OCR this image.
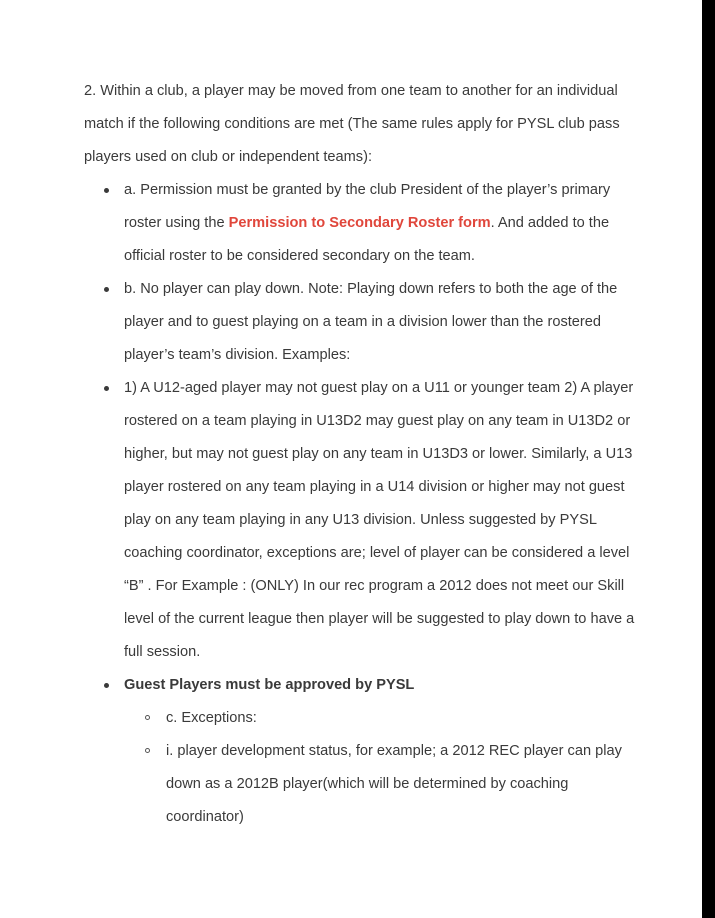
2. Within a club, a player may be moved from one team to another for an individual match if the following conditions are met (The same rules apply for PYSL club pass players used on club or independent teams):

a. Permission must be granted by the club President of the player’s primary roster using the Permission to Secondary Roster form. And added to the official roster to be considered secondary on the team.
b. No player can play down. Note: Playing down refers to both the age of the player and to guest playing on a team in a division lower than the rostered player’s team’s division. Examples:
1) A U12-aged player may not guest play on a U11 or younger team 2) A player rostered on a team playing in U13D2 may guest play on any team in U13D2 or higher, but may not guest play on any team in U13D3 or lower. Similarly, a U13 player rostered on any team playing in a U14 division or higher may not guest play on any team playing in any U13 division. Unless suggested by PYSL coaching coordinator, exceptions are; level of player can be considered a level “B” . For Example : (ONLY) In our rec program a 2012 does not meet our Skill level of the current league then player will be suggested to play down to have a full session.
Guest Players must be approved by PYSL
c. Exceptions:
i. player development status, for example; a 2012 REC player can play down as a 2012B player(which will be determined by coaching coordinator)
